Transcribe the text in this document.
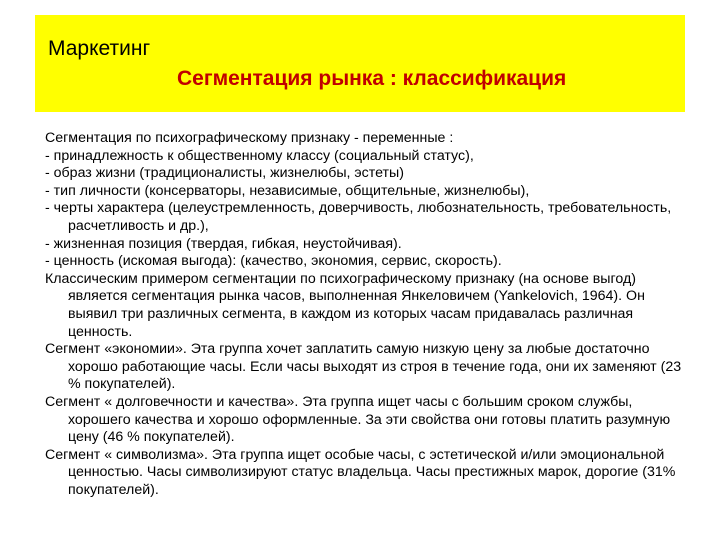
Маркетинг
Сегментация рынка : классификация

Сегментация по психографическому признаку - переменные :

- принадлежность к общественному классу (социальный статус),

- образ жизни (традиционалисты, жизнелюбы, эстеты)

- тип личности (консерваторы, независимые, общительные, жизнелюбы),

- черты характера (целеустремленность, доверчивость, любознательность, требовательность, расчетливость и др.),

- жизненная позиция (твердая, гибкая, неустойчивая).

- ценность (искомая выгода): (качество, экономия, сервис, скорость).

Классическим примером сегментации по психографическому признаку (на основе выгод) является сегментация рынка часов, выполненная Янкеловичем (Yankelovich, 1964). Он выявил три различных сегмента, в каждом из которых часам придавалась различная ценность.

Сегмент «экономии». Эта группа хочет заплатить самую низкую цену за любые достаточно хорошо работающие часы. Если часы выходят из строя в течение года, они их заменяют (23 % покупателей).

Сегмент « долговечности и качества». Эта группа ищет часы с большим сроком службы, хорошего качества и хорошо оформленные. За эти свойства они готовы платить разумную цену (46 % покупателей).

Сегмент « символизма». Эта группа ищет особые часы, с эстетической и/или эмоциональной ценностью. Часы символизируют статус владельца. Часы престижных марок, дорогие (31% покупателей).
